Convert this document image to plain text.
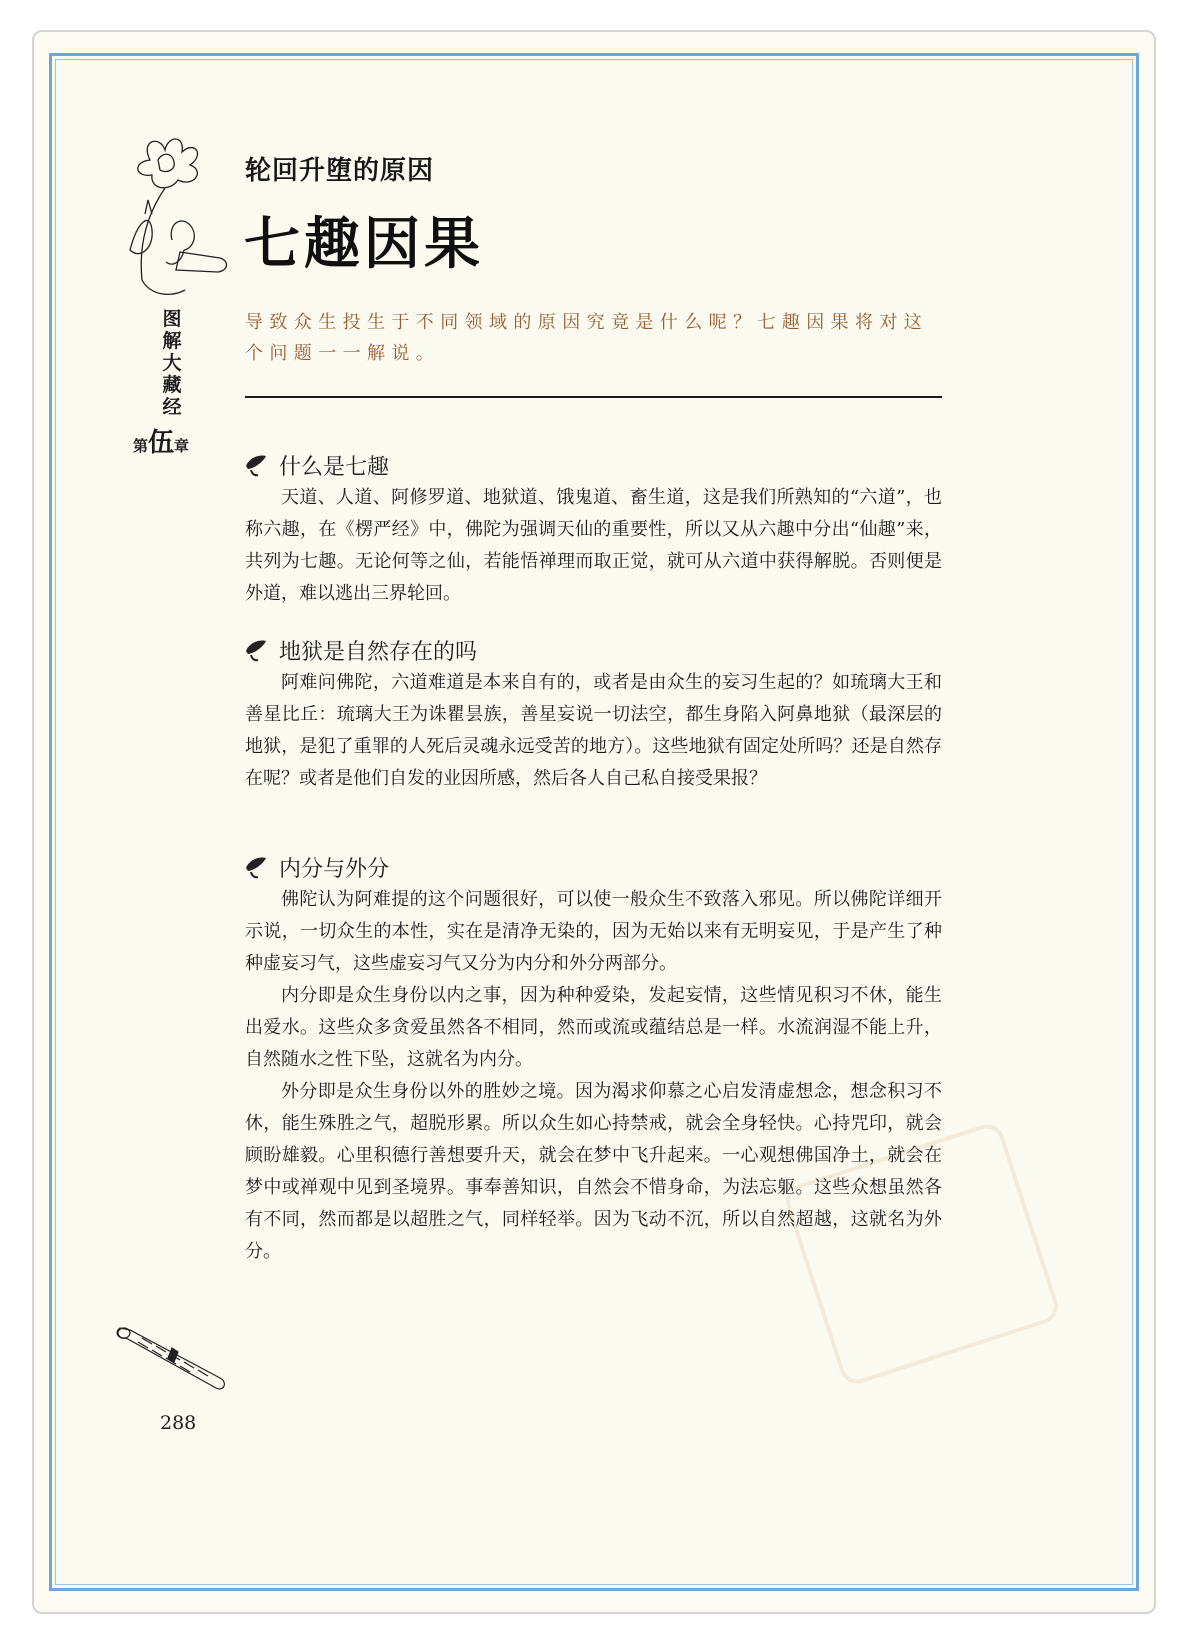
图
解
大
藏
经
第伍章
轮回升堕的原因
七趣因果

导致众生投生于不同领域的原因究竟是什么呢？七趣因果将对这个问题一一解说。

什么是七趣

天道、人道、阿修罗道、地狱道、饿鬼道、畜生道，这是我们所熟知的“六道”，也称六趣，在《楞严经》中，佛陀为强调天仙的重要性，所以又从六趣中分出“仙趣”来，共列为七趣。无论何等之仙，若能悟禅理而取正觉，就可从六道中获得解脱。否则便是外道，难以逃出三界轮回。

地狱是自然存在的吗

阿难问佛陀，六道难道是本来自有的，或者是由众生的妄习生起的？如琉璃大王和善星比丘：琉璃大王为诛瞿昙族，善星妄说一切法空，都生身陷入阿鼻地狱（最深层的地狱，是犯了重罪的人死后灵魂永远受苦的地方）。这些地狱有固定处所吗？还是自然存在呢？或者是他们自发的业因所感，然后各人自己私自接受果报？

内分与外分

佛陀认为阿难提的这个问题很好，可以使一般众生不致落入邪见。所以佛陀详细开示说，一切众生的本性，实在是清净无染的，因为无始以来有无明妄见，于是产生了种种虚妄习气，这些虚妄习气又分为内分和外分两部分。

内分即是众生身份以内之事，因为种种爱染，发起妄情，这些情见积习不休，能生出爱水。这些众多贪爱虽然各不相同，然而或流或蕴结总是一样。水流润湿不能上升，自然随水之性下坠，这就名为内分。

外分即是众生身份以外的胜妙之境。因为渴求仰慕之心启发清虚想念，想念积习不休，能生殊胜之气，超脱形累。所以众生如心持禁戒，就会全身轻快。心持咒印，就会顾盼雄毅。心里积德行善想要升天，就会在梦中飞升起来。一心观想佛国净土，就会在梦中或禅观中见到圣境界。事奉善知识，自然会不惜身命，为法忘躯。这些众想虽然各有不同，然而都是以超胜之气，同样轻举。因为飞动不沉，所以自然超越，这就名为外分。

288
